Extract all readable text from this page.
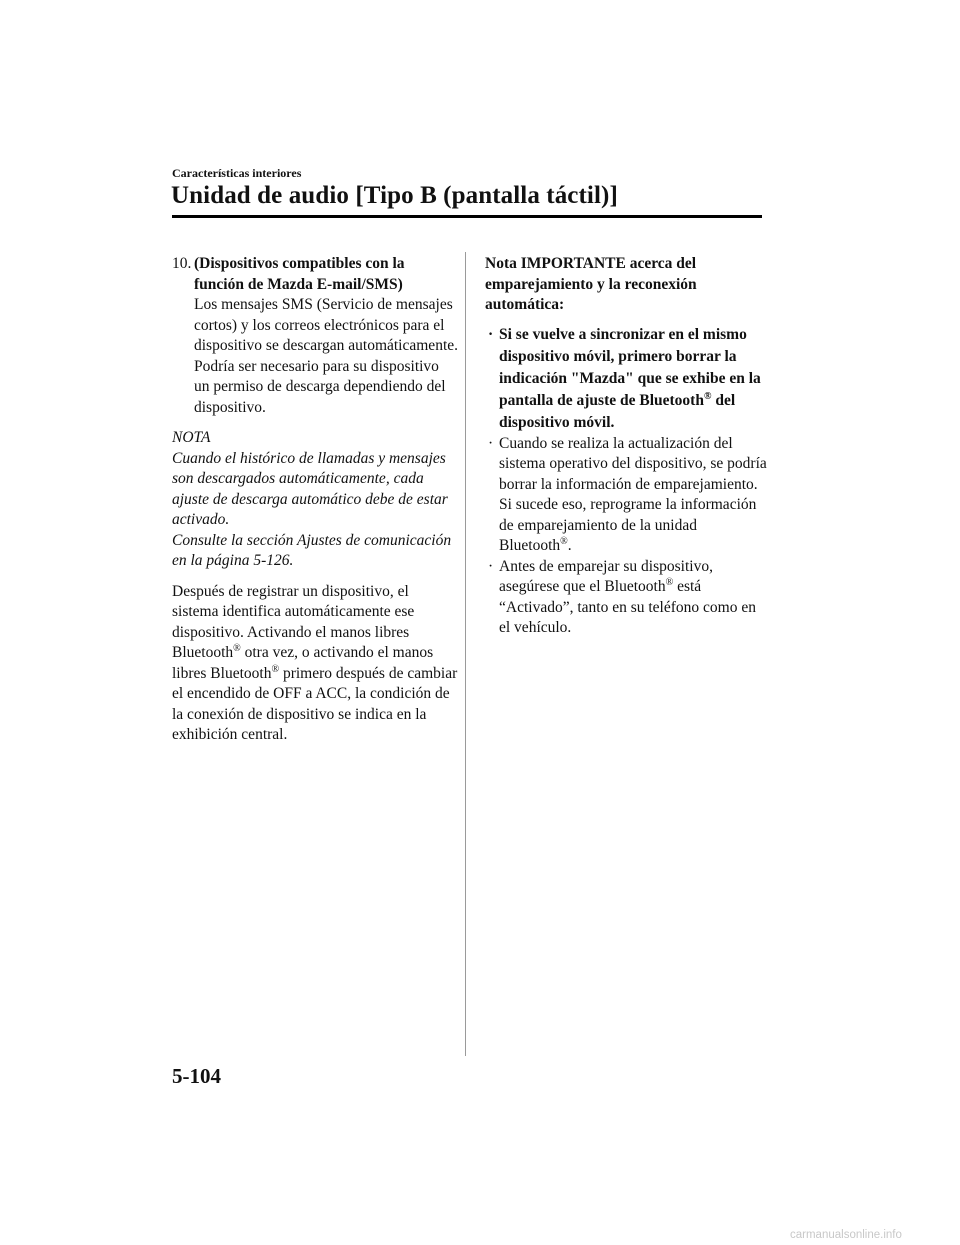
Características interiores
Unidad de audio [Tipo B (pantalla táctil)]
10. (Dispositivos compatibles con la
función de Mazda E-mail/SMS)

Los mensajes SMS (Servicio de mensajes cortos) y los correos electrónicos para el dispositivo se descargan automáticamente. Podría ser necesario para su dispositivo un permiso de descarga dependiendo del dispositivo.

NOTA

Cuando el histórico de llamadas y mensajes son descargados automáticamente, cada ajuste de descarga automático debe de estar activado.

Consulte la sección Ajustes de comunicación en la página 5-126.

Después de registrar un dispositivo, el sistema identifica automáticamente ese dispositivo. Activando el manos libres Bluetooth® otra vez, o activando el manos libres Bluetooth® primero después de cambiar el encendido de OFF a ACC, la condición de la conexión de dispositivo se indica en la exhibición central.

Nota IMPORTANTE acerca del
emparejamiento y la reconexión
automática:
· Si se vuelve a sincronizar en el mismo dispositivo móvil, primero borrar la indicación "Mazda" que se exhibe en la pantalla de ajuste de Bluetooth® del dispositivo móvil.
· Cuando se realiza la actualización del sistema operativo del dispositivo, se podría borrar la información de emparejamiento. Si sucede eso, reprograme la información de emparejamiento de la unidad Bluetooth®.
· Antes de emparejar su dispositivo, asegúrese que el Bluetooth® está “Activado”, tanto en su teléfono como en el vehículo.
5-104
carmanualsonline.info
